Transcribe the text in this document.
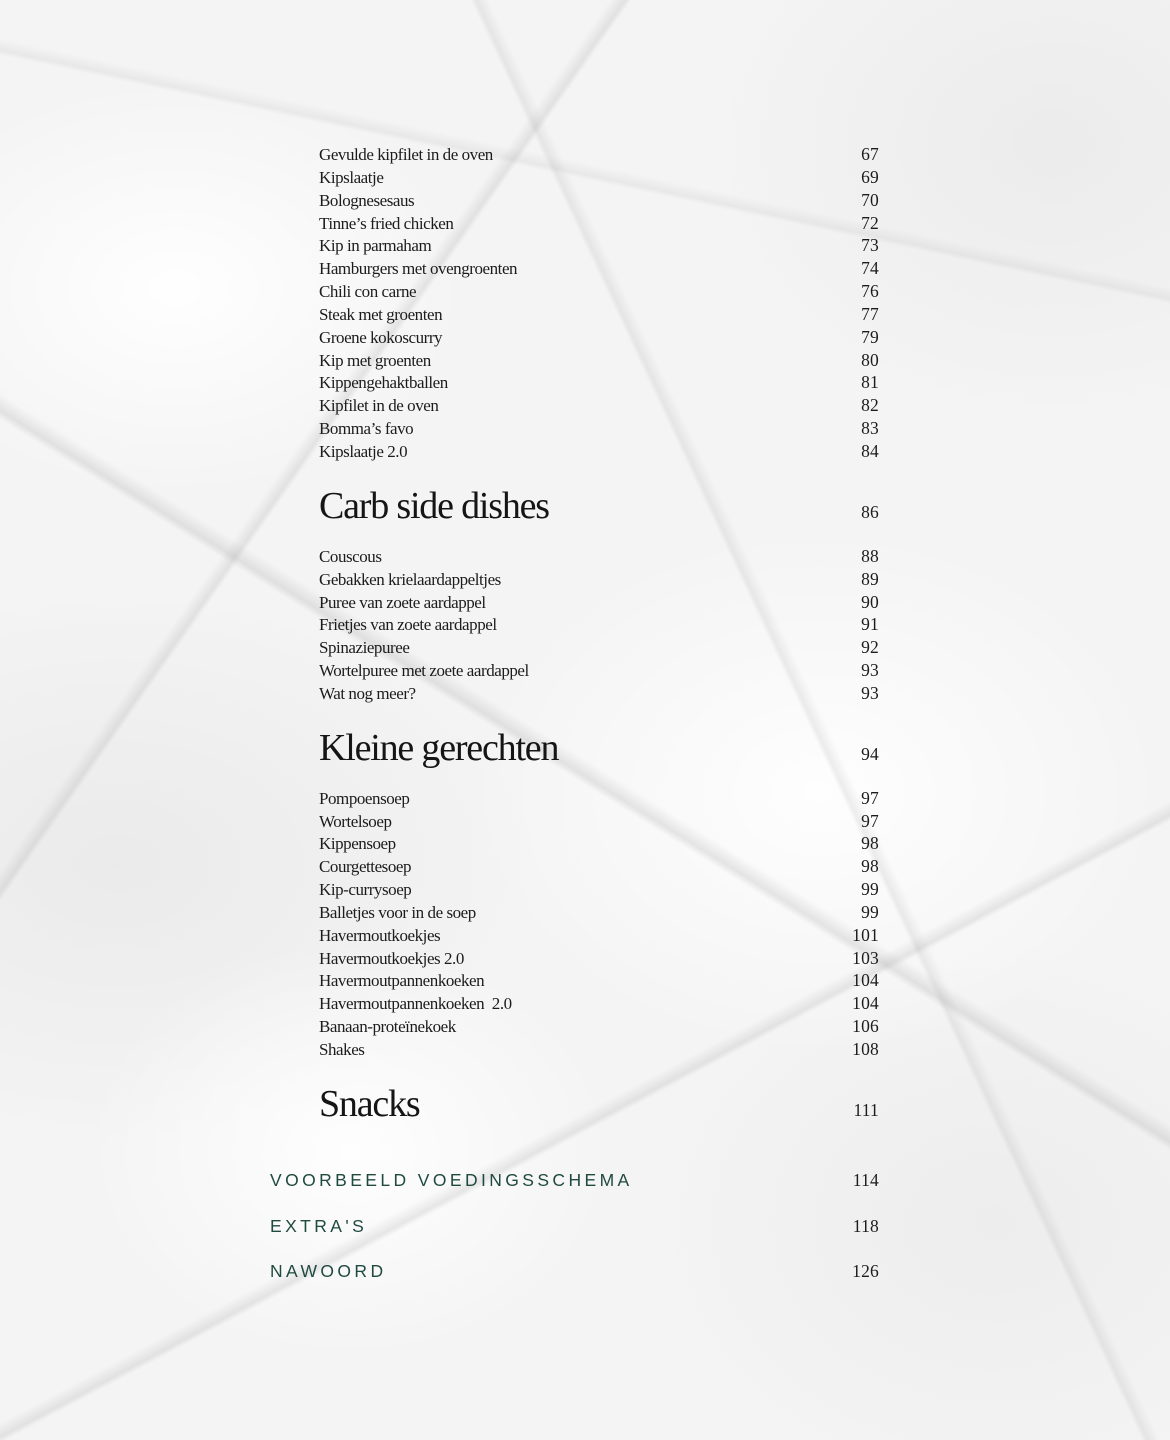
Gevulde kipfilet in de oven	67
Kipslaatje	69
Bolognesesaus	70
Tinne’s fried chicken	72
Kip in parmaham	73
Hamburgers met ovengroenten	74
Chili con carne	76
Steak met groenten	77
Groene kokoscurry	79
Kip met groenten	80
Kippengehaktballen	81
Kipfilet in de oven	82
Bomma’s favo	83
Kipslaatje 2.0	84
Carb side dishes	86
Couscous	88
Gebakken krielaardappeltjes	89
Puree van zoete aardappel	90
Frietjes van zoete aardappel	91
Spinaziepuree	92
Wortelpuree met zoete aardappel	93
Wat nog meer?	93
Kleine gerechten	94
Pompoensoep	97
Wortelsoep	97
Kippensoep	98
Courgettesoep	98
Kip-currysoep	99
Balletjes voor in de soep	99
Havermoutkoekjes	101
Havermoutkoekjes 2.0	103
Havermoutpannenkoeken	104
Havermoutpannenkoeken  2.0	104
Banaan-proteïnekoek	106
Shakes	108
Snacks	111
VOORBEELD VOEDINGSSCHEMA	114
EXTRA'S	118
NAWOORD	126
